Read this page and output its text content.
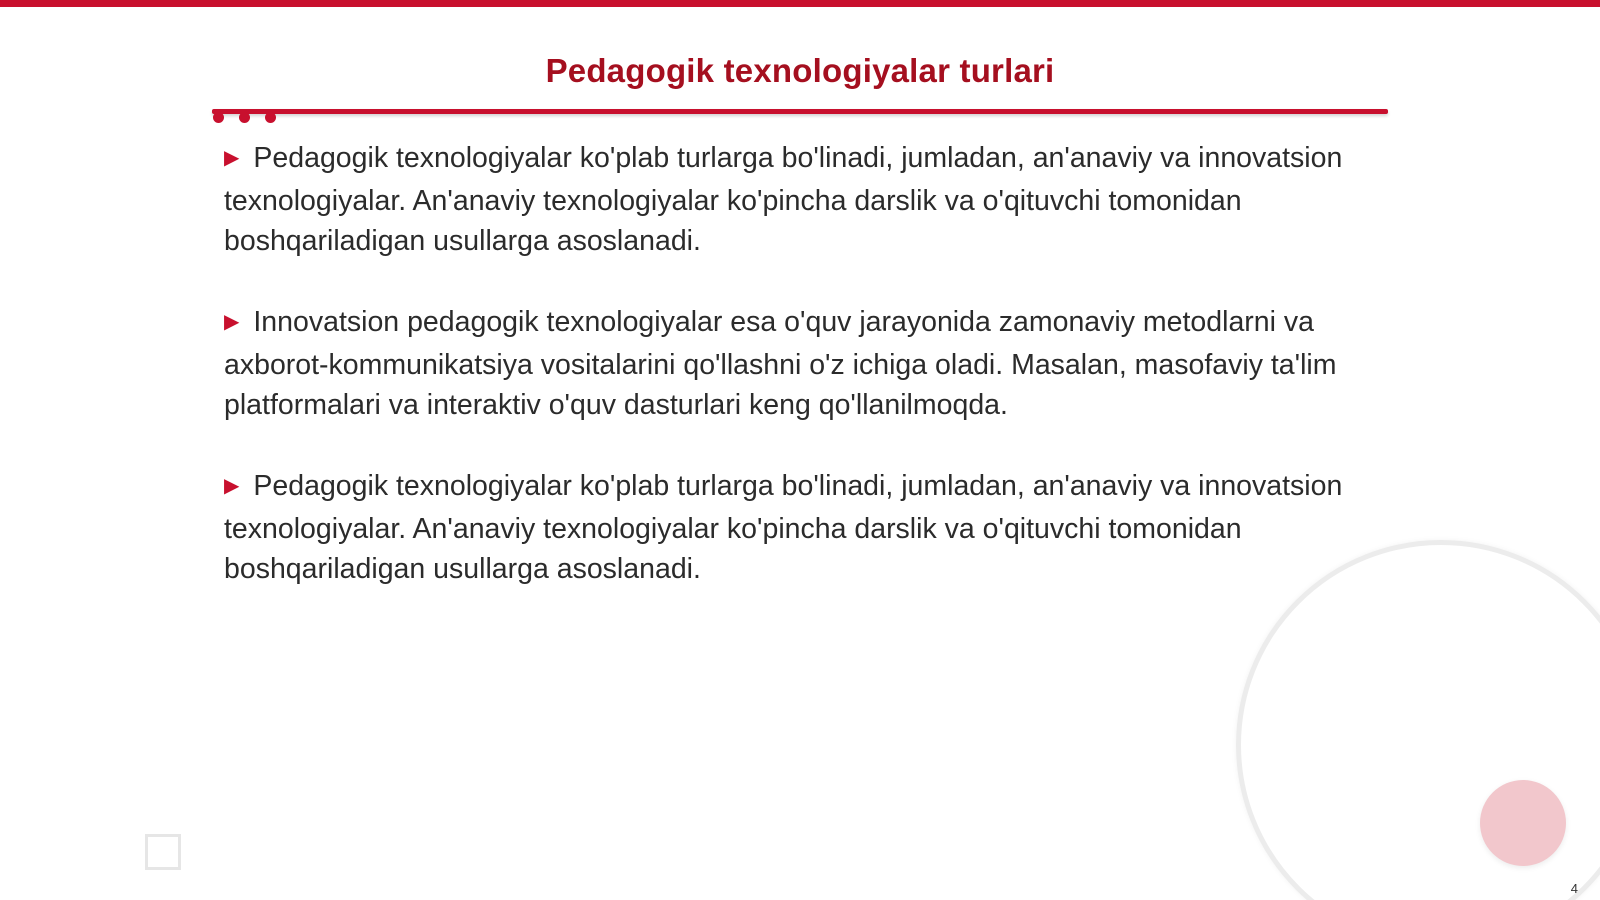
Pedagogik texnologiyalar turlari

▶ Pedagogik texnologiyalar ko'plab turlarga bo'linadi, jumladan, an'anaviy va innovatsion texnologiyalar. An'anaviy texnologiyalar ko'pincha darslik va o'qituvchi tomonidan boshqariladigan usullarga asoslanadi.

▶ Innovatsion pedagogik texnologiyalar esa o'quv jarayonida zamonaviy metodlarni va axborot-kommunikatsiya vositalarini qo'llashni o'z ichiga oladi. Masalan, masofaviy ta'lim platformalari va interaktiv o'quv dasturlari keng qo'llanilmoqda.

▶ Pedagogik texnologiyalar ko'plab turlarga bo'linadi, jumladan, an'anaviy va innovatsion texnologiyalar. An'anaviy texnologiyalar ko'pincha darslik va o'qituvchi tomonidan boshqariladigan usullarga asoslanadi.

4
